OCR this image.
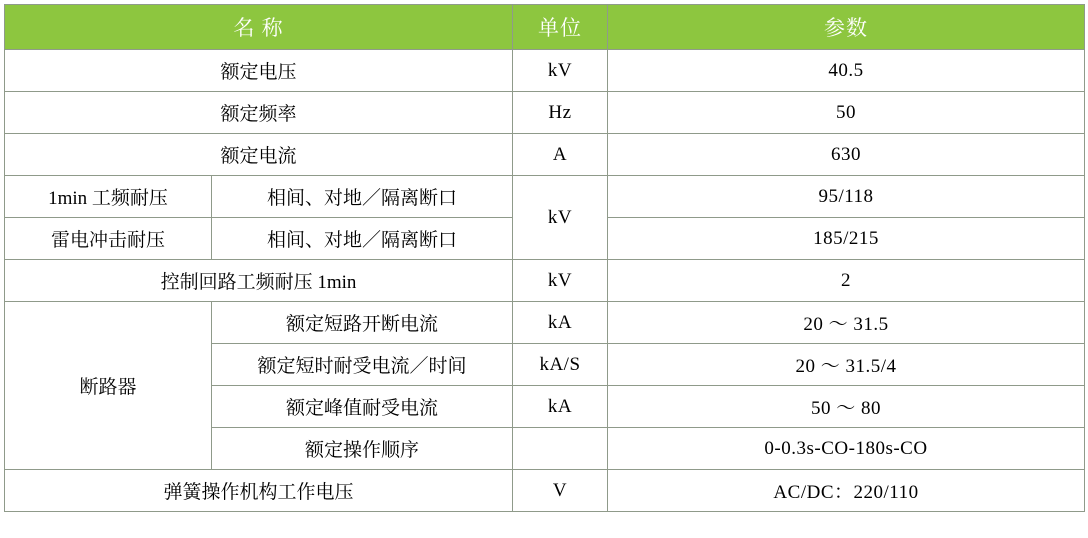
名 称		单位	参数
额定电压		kV	40.5
额定频率		Hz	50
额定电流		A	630
1min 工频耐压	相间、对地／隔离断口	kV	95/118
雷电冲击耐压	相间、对地／隔离断口		185/215
控制回路工频耐压 1min		kV	2
断路器	额定短路开断电流	kA	20 ～ 31.5
	额定短时耐受电流／时间	kA/S	20 ～ 31.5/4
	额定峰值耐受电流	kA	50 ～ 80
	额定操作顺序		0-0.3s-CO-180s-CO
弹簧操作机构工作电压		V	AC/DC：220/110
